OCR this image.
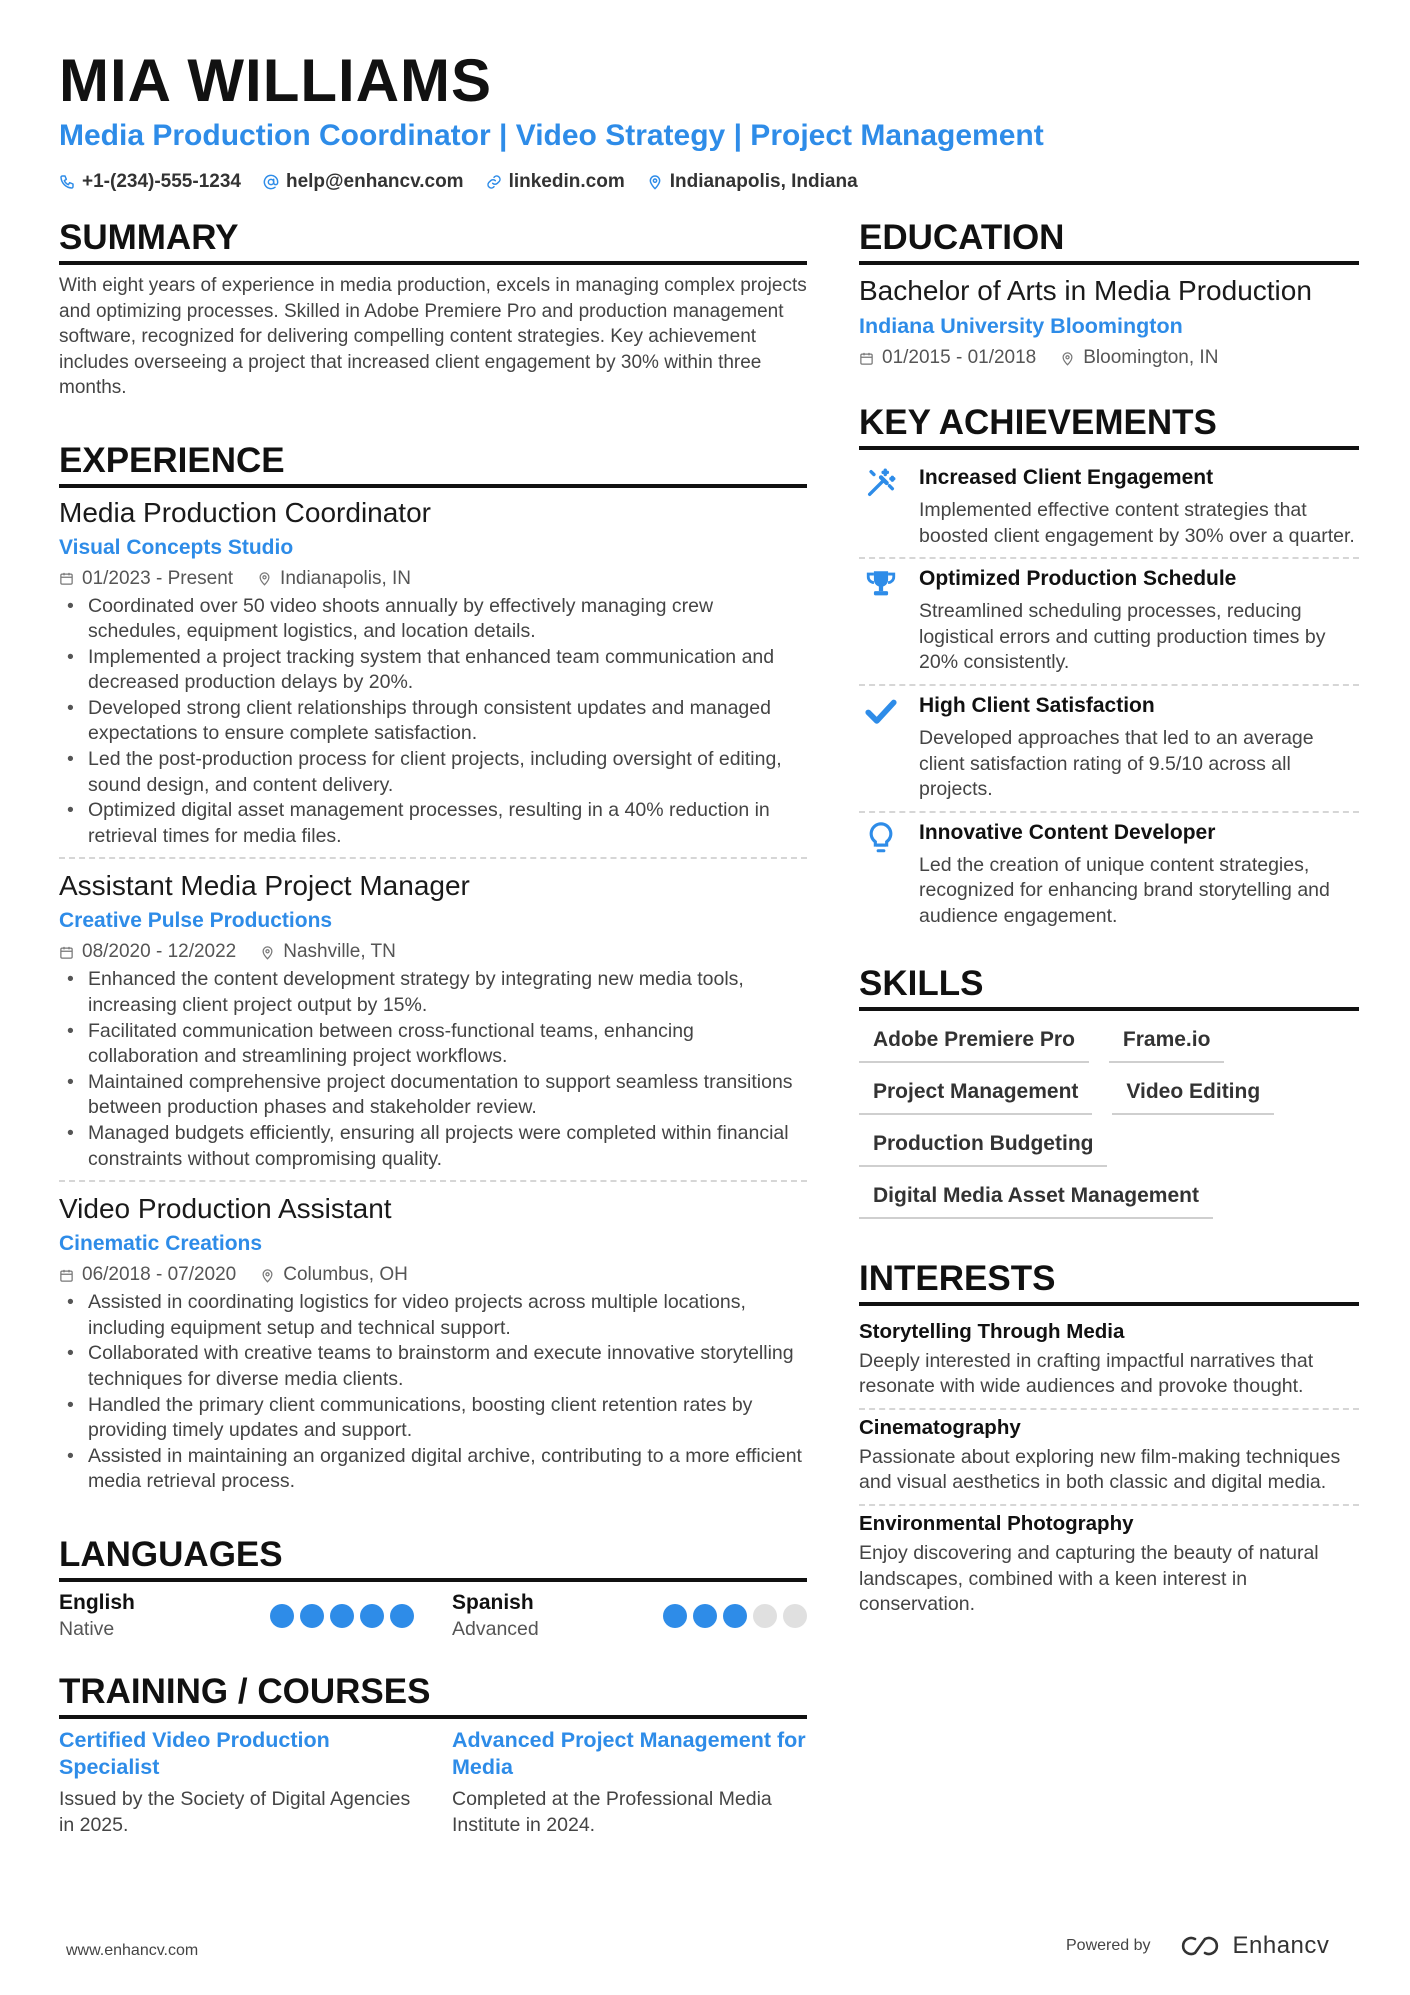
MIA WILLIAMS
Media Production Coordinator | Video Strategy | Project Management
+1-(234)-555-1234 help@enhancv.com linkedin.com Indianapolis, Indiana
SUMMARY

With eight years of experience in media production, excels in managing complex projects and optimizing processes. Skilled in Adobe Premiere Pro and production management software, recognized for delivering compelling content strategies. Key achievement includes overseeing a project that increased client engagement by 30% within three months.

EXPERIENCE
Media Production Coordinator
Visual Concepts Studio
01/2023 - Present Indianapolis, IN
• Coordinated over 50 video shoots annually by effectively managing crew schedules, equipment logistics, and location details.
• Implemented a project tracking system that enhanced team communication and decreased production delays by 20%.
• Developed strong client relationships through consistent updates and managed expectations to ensure complete satisfaction.
• Led the post-production process for client projects, including oversight of editing, sound design, and content delivery.
• Optimized digital asset management processes, resulting in a 40% reduction in retrieval times for media files.
Assistant Media Project Manager
Creative Pulse Productions
08/2020 - 12/2022 Nashville, TN
• Enhanced the content development strategy by integrating new media tools, increasing client project output by 15%.
• Facilitated communication between cross-functional teams, enhancing collaboration and streamlining project workflows.
• Maintained comprehensive project documentation to support seamless transitions between production phases and stakeholder review.
• Managed budgets efficiently, ensuring all projects were completed within financial constraints without compromising quality.
Video Production Assistant
Cinematic Creations
06/2018 - 07/2020 Columbus, OH
• Assisted in coordinating logistics for video projects across multiple locations, including equipment setup and technical support.
• Collaborated with creative teams to brainstorm and execute innovative storytelling techniques for diverse media clients.
• Handled the primary client communications, boosting client retention rates by providing timely updates and support.
• Assisted in maintaining an organized digital archive, contributing to a more efficient media retrieval process.
LANGUAGES
English
Native
Spanish
Advanced
TRAINING / COURSES
Certified Video Production Specialist
Issued by the Society of Digital Agencies in 2025.
Advanced Project Management for Media
Completed at the Professional Media Institute in 2024.
EDUCATION
Bachelor of Arts in Media Production
Indiana University Bloomington
01/2015 - 01/2018 Bloomington, IN
KEY ACHIEVEMENTS
Increased Client Engagement
Implemented effective content strategies that boosted client engagement by 30% over a quarter.
Optimized Production Schedule
Streamlined scheduling processes, reducing logistical errors and cutting production times by 20% consistently.
High Client Satisfaction
Developed approaches that led to an average client satisfaction rating of 9.5/10 across all projects.
Innovative Content Developer
Led the creation of unique content strategies, recognized for enhancing brand storytelling and audience engagement.
SKILLS
Adobe Premiere Pro	Frame.io
Project Management	Video Editing
Production Budgeting
Digital Media Asset Management
INTERESTS
Storytelling Through Media
Deeply interested in crafting impactful narratives that resonate with wide audiences and provoke thought.
Cinematography
Passionate about exploring new film-making techniques and visual aesthetics in both classic and digital media.
Environmental Photography
Enjoy discovering and capturing the beauty of natural landscapes, combined with a keen interest in conservation.
www.enhancv.com	Powered by	Enhancv
